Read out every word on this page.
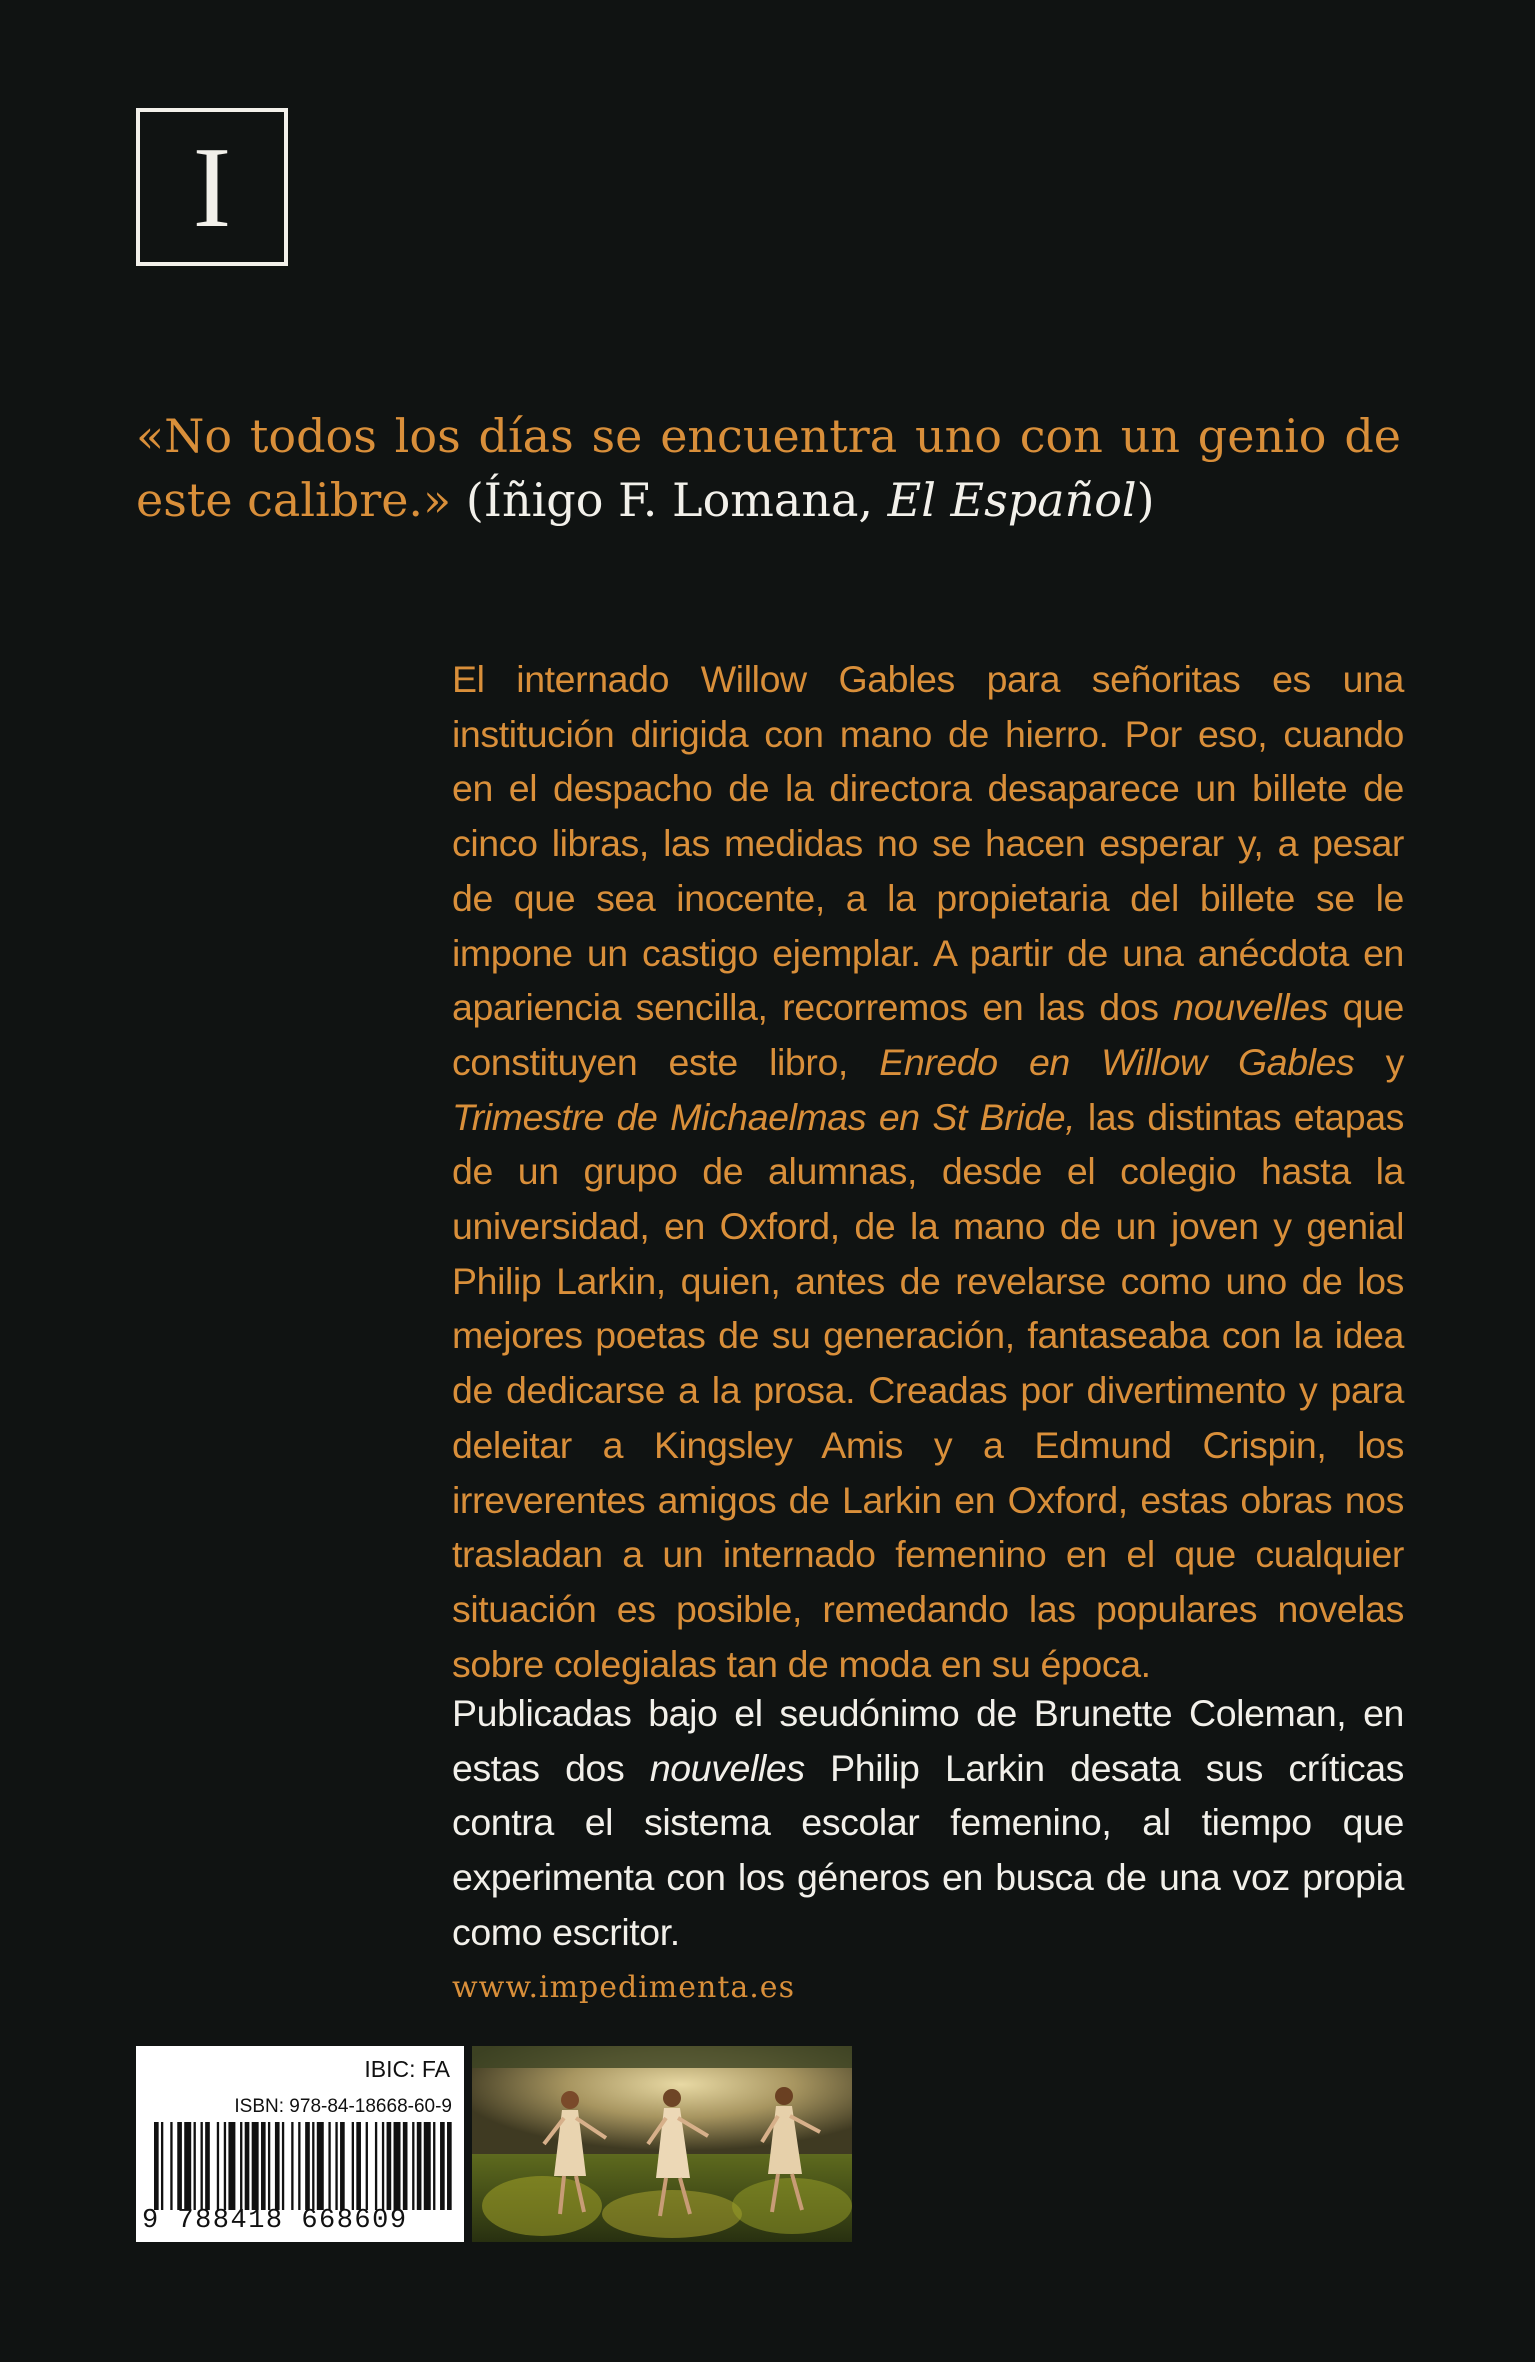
I

«No todos los días se encuentra uno con un genio de este calibre.» (Íñigo F. Lomana, El Español)

El internado Willow Gables para señoritas es una institución dirigida con mano de hierro. Por eso, cuando en el despacho de la directora desaparece un billete de cinco libras, las medidas no se hacen esperar y, a pesar de que sea inocente, a la propietaria del billete se le impone un castigo ejemplar. A partir de una anécdota en apariencia sencilla, recorremos en las dos nouvelles que constituyen este libro, Enredo en Willow Gables y Trimestre de Michaelmas en St Bride, las distintas etapas de un grupo de alumnas, desde el colegio hasta la universidad, en Oxford, de la mano de un joven y genial Philip Larkin, quien, antes de revelarse como uno de los mejores poetas de su generación, fantaseaba con la idea de dedicarse a la prosa. Creadas por divertimento y para deleitar a Kingsley Amis y a Edmund Crispin, los irreverentes amigos de Larkin en Oxford, estas obras nos trasladan a un internado femenino en el que cualquier situación es posible, remedando las populares novelas sobre colegialas tan de moda en su época.

Publicadas bajo el seudónimo de Brunette Coleman, en estas dos nouvelles Philip Larkin desata sus críticas contra el sistema escolar femenino, al tiempo que experimenta con los géneros en busca de una voz propia como escritor.

www.impedimenta.es

IBIC: FA
ISBN: 978-84-18668-60-9
9 788418 668609
